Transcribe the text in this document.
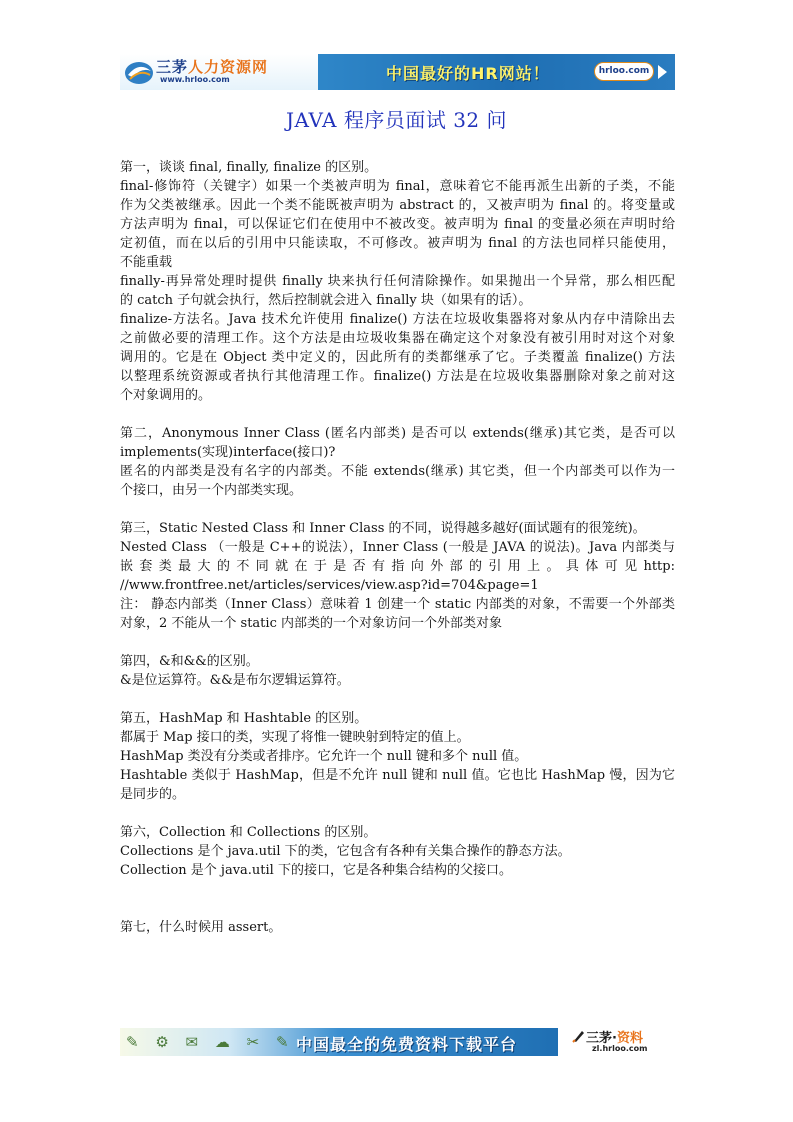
三茅人力资源网
www.hrloo.com	中国最好的HR网站！	hrloo.com
JAVA 程序员面试 32 问
第一，谈谈 final, finally, finalize 的区别。
final-修饰符（关键字）如果一个类被声明为 final，意味着它不能再派生出新的子类，不能
作为父类被继承。因此一个类不能既被声明为 abstract 的，又被声明为 final 的。将变量或
方法声明为 final，可以保证它们在使用中不被改变。被声明为 final 的变量必须在声明时给
定初值，而在以后的引用中只能读取，不可修改。被声明为 final 的方法也同样只能使用，
不能重载
finally-再异常处理时提供 finally 块来执行任何清除操作。如果抛出一个异常，那么相匹配
的 catch 子句就会执行，然后控制就会进入 finally 块（如果有的话）。
finalize-方法名。Java 技术允许使用 finalize() 方法在垃圾收集器将对象从内存中清除出去
之前做必要的清理工作。这个方法是由垃圾收集器在确定这个对象没有被引用时对这个对象
调用的。它是在 Object 类中定义的，因此所有的类都继承了它。子类覆盖 finalize() 方法
以整理系统资源或者执行其他清理工作。finalize() 方法是在垃圾收集器删除对象之前对这
个对象调用的。
第二，Anonymous Inner Class (匿名内部类) 是否可以 extends(继承)其它类，是否可以
implements(实现)interface(接口)?
匿名的内部类是没有名字的内部类。不能 extends(继承) 其它类，但一个内部类可以作为一
个接口，由另一个内部类实现。
第三，Static Nested Class 和 Inner Class 的不同，说得越多越好(面试题有的很笼统)。
Nested Class （一般是 C++的说法），Inner Class (一般是 JAVA 的说法)。Java 内部类与
嵌 套 类 最 大 的 不 同 就 在 于 是 否 有 指 向 外 部 的 引 用 上 。 具 体 可 见 http:
//www.frontfree.net/articles/services/view.asp?id=704&page=1
注： 静态内部类（Inner Class）意味着 1 创建一个 static 内部类的对象，不需要一个外部类
对象，2 不能从一个 static 内部类的一个对象访问一个外部类对象
第四，&和&&的区别。
&是位运算符。&&是布尔逻辑运算符。
第五，HashMap 和 Hashtable 的区别。
都属于 Map 接口的类，实现了将惟一键映射到特定的值上。
HashMap 类没有分类或者排序。它允许一个 null 键和多个 null 值。
Hashtable 类似于 HashMap，但是不允许 null 键和 null 值。它也比 HashMap 慢，因为它
是同步的。
第六，Collection 和 Collections 的区别。
Collections 是个 java.util 下的类，它包含有各种有关集合操作的静态方法。
Collection 是个 java.util 下的接口，它是各种集合结构的父接口。
第七，什么时候用 assert。
✎ ⚙ ✉ ☁ ✂ ✎ 中国最全的免费资料下载平台	三茅·资料
zl.hrloo.com
